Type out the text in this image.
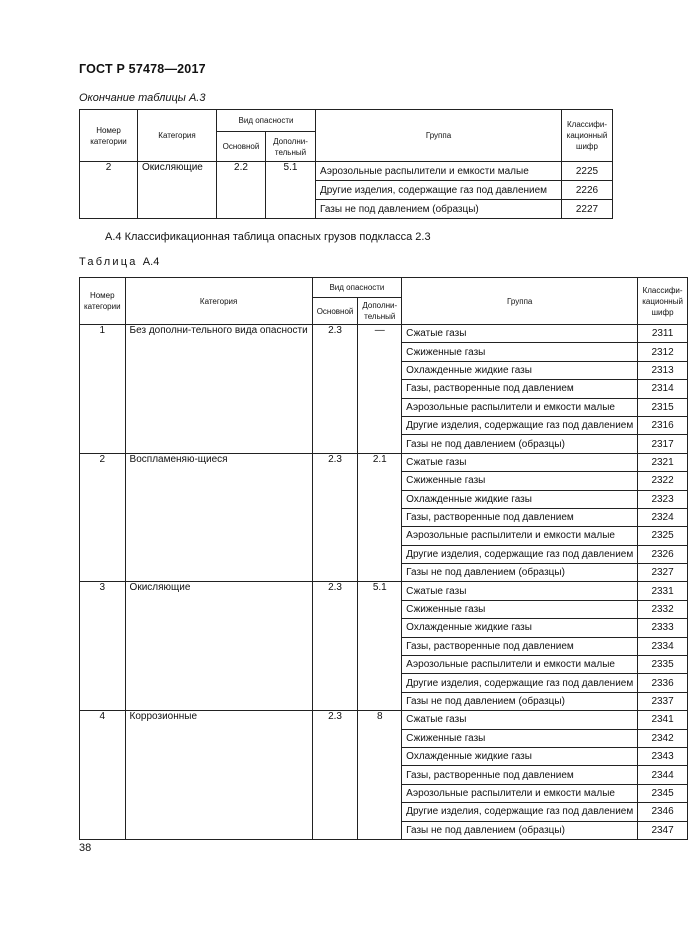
ГОСТ Р 57478—2017
Окончание таблицы А.3
Номер категории	Категория	Вид опасности		Группа	Классифи-кационный шифр
		Основной	Дополни-тельный		
2	Окисляющие	2.2	5.1	Аэрозольные распылители и емкости малые	2225
				Другие изделия, содержащие газ под давлением	2226
				Газы не под давлением (образцы)	2227
А.4 Классификационная таблица опасных грузов подкласса 2.3
Таблица А.4
Номер категории	Категория	Вид опасности		Группа	Классифи-кационный шифр
		Основной	Дополни-тельный		
1	Без дополни-тельного вида опасности	2.3	—	Сжатые газы	2311
				Сжиженные газы	2312
				Охлажденные жидкие газы	2313
				Газы, растворенные под давлением	2314
				Аэрозольные распылители и емкости малые	2315
				Другие изделия, содержащие газ под давлением	2316
				Газы не под давлением (образцы)	2317
2	Воспламеняю-щиеся	2.3	2.1	Сжатые газы	2321
				Сжиженные газы	2322
				Охлажденные жидкие газы	2323
				Газы, растворенные под давлением	2324
				Аэрозольные распылители и емкости малые	2325
				Другие изделия, содержащие газ под давлением	2326
				Газы не под давлением (образцы)	2327
3	Окисляющие	2.3	5.1	Сжатые газы	2331
				Сжиженные газы	2332
				Охлажденные жидкие газы	2333
				Газы, растворенные под давлением	2334
				Аэрозольные распылители и емкости малые	2335
				Другие изделия, содержащие газ под давлением	2336
				Газы не под давлением (образцы)	2337
4	Коррозионные	2.3	8	Сжатые газы	2341
				Сжиженные газы	2342
				Охлажденные жидкие газы	2343
				Газы, растворенные под давлением	2344
				Аэрозольные распылители и емкости малые	2345
				Другие изделия, содержащие газ под давлением	2346
				Газы не под давлением (образцы)	2347
38
